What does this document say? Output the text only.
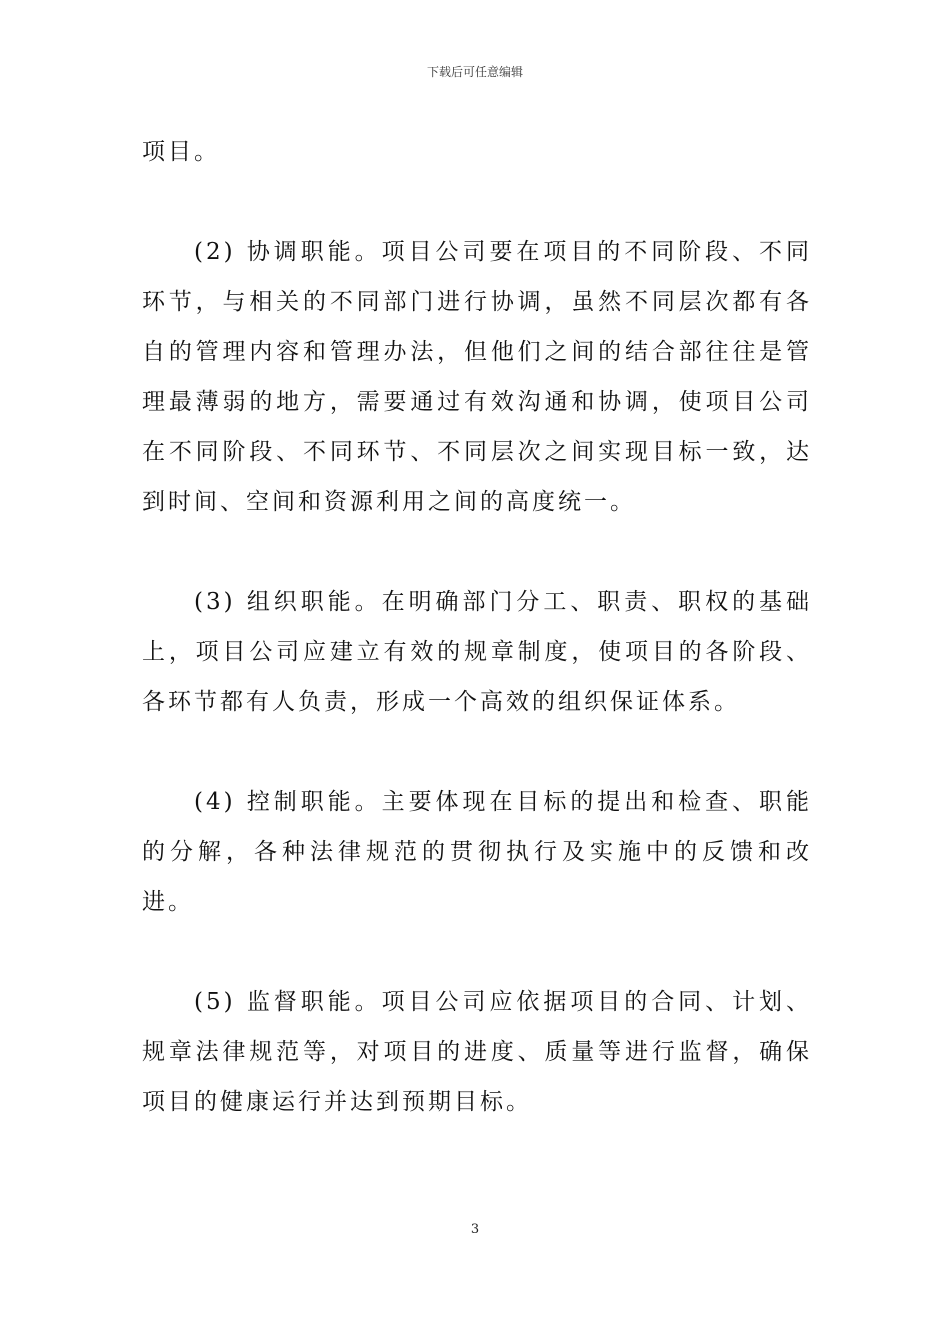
下载后可任意编辑

项目。

(2) 协调职能。项目公司要在项目的不同阶段、不同环节，与相关的不同部门进行协调，虽然不同层次都有各自的管理内容和管理办法，但他们之间的结合部往往是管理最薄弱的地方，需要通过有效沟通和协调，使项目公司在不同阶段、不同环节、不同层次之间实现目标一致，达到时间、空间和资源利用之间的高度统一。

(3) 组织职能。在明确部门分工、职责、职权的基础上，项目公司应建立有效的规章制度，使项目的各阶段、各环节都有人负责，形成一个高效的组织保证体系。

(4) 控制职能。主要体现在目标的提出和检查、职能的分解，各种法律规范的贯彻执行及实施中的反馈和改进。

(5) 监督职能。项目公司应依据项目的合同、计划、规章法律规范等，对项目的进度、质量等进行监督，确保项目的健康运行并达到预期目标。

3
